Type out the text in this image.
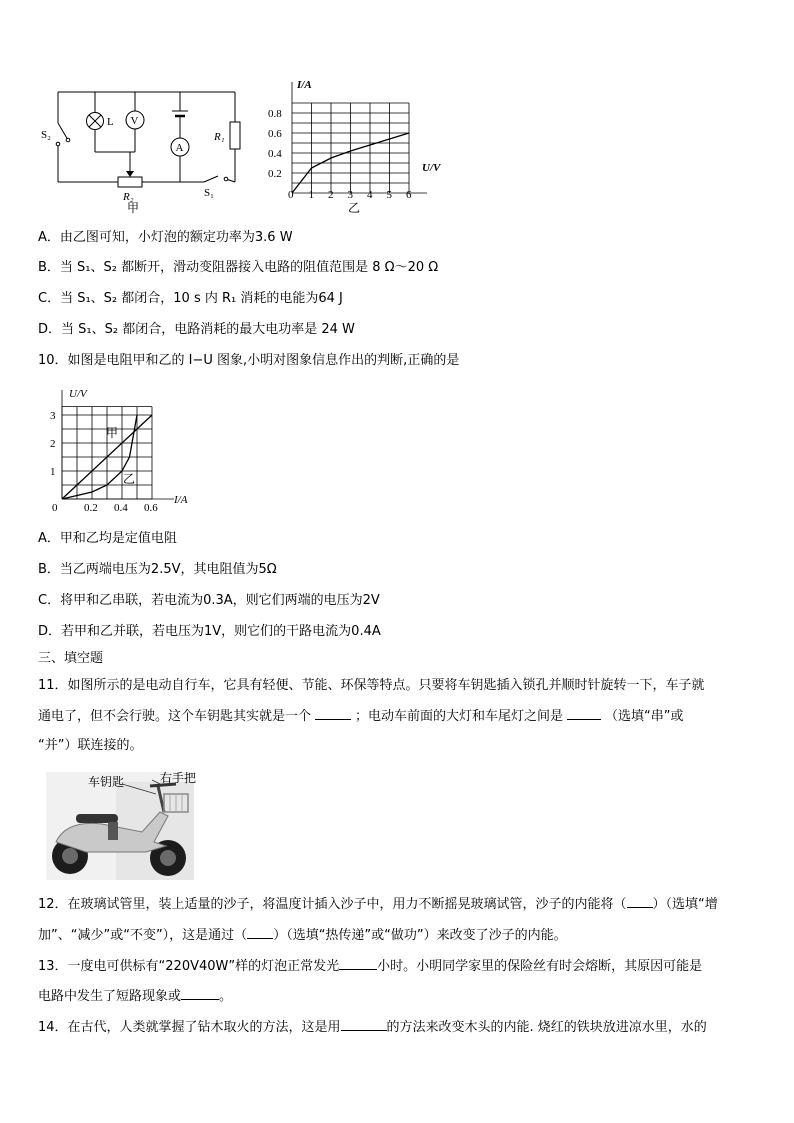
S₂
L V
A
R₁
R₂	S₁
甲
0.2
0.4
0.6
0.8
1 2 3 4 5 6
I/A
U/V
0
乙
A．由乙图可知，小灯泡的额定功率为3.6 W
B．当 S₁、S₂ 都断开，滑动变阻器接入电路的阻值范围是 8 Ω～20 Ω
C．当 S₁、S₂ 都闭合，10 s 内 R₁ 消耗的电能为64 J
D．当 S₁、S₂ 都闭合，电路消耗的最大电功率是 24 W
10．如图是电阻甲和乙的 I−U 图象,小明对图象信息作出的判断,正确的是
1
2
3
0.2 0.4 0.6
U/V
I/A
0
甲
乙
A．甲和乙均是定值电阻
B．当乙两端电压为2.5V，其电阻值为5Ω
C．将甲和乙串联，若电流为0.3A，则它们两端的电压为2V
D．若甲和乙并联，若电压为1V，则它们的干路电流为0.4A
三、填空题
11．如图所示的是电动自行车，它具有轻便、节能、环保等特点。只要将车钥匙插入锁孔并顺时针旋转一下，车子就
通电了，但不会行驶。这个车钥匙其实就是一个	；电动车前面的大灯和车尾灯之间是	（选填“串”或
“并”）联连接的。
车钥匙	右手把
12．在玻璃试管里，装上适量的沙子，将温度计插入沙子中，用力不断摇晃玻璃试管，沙子的内能将（ ）（选填“增
加”、“减少”或“不变”），这是通过（ ）（选填“热传递”或“做功”）来改变了沙子的内能。
13．一度电可供标有“220V40W”样的灯泡正常发光	小时。小明同学家里的保险丝有时会熔断，其原因可能是
电路中发生了短路现象或	。
14．在古代，人类就掌握了钻木取火的方法，这是用	的方法来改变木头的内能. 烧红的铁块放进凉水里，水的
